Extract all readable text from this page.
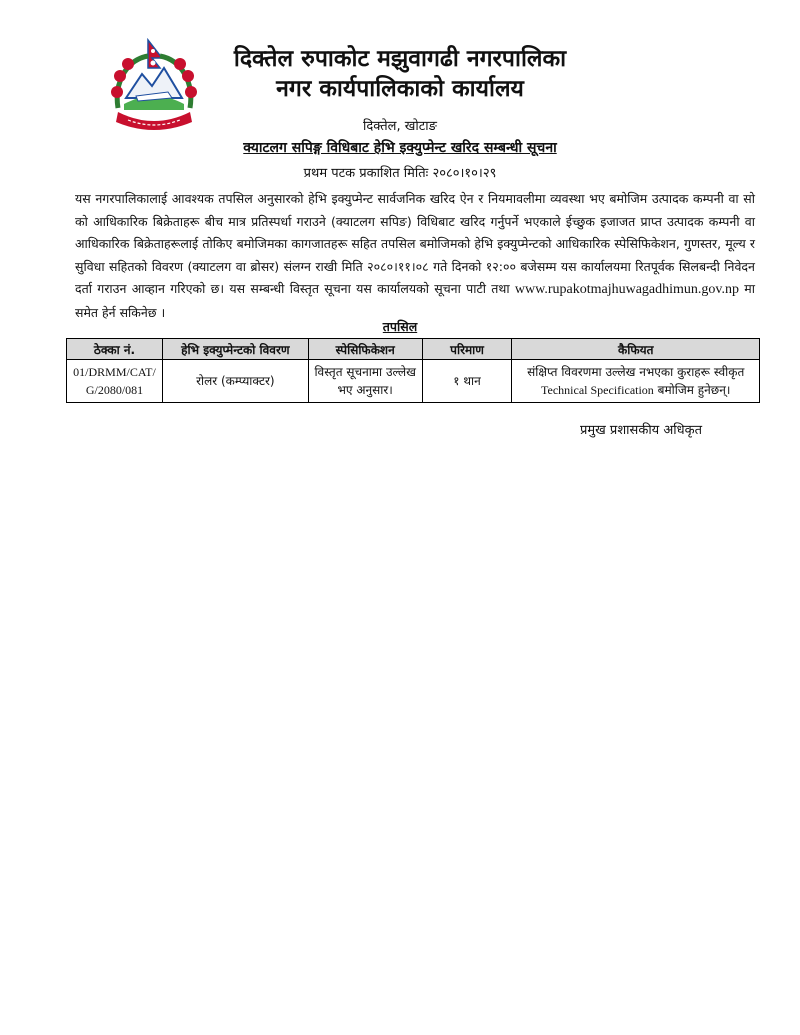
दिक्तेल रुपाकोट मझुवागढी नगरपालिका
नगर कार्यपालिकाको कार्यालय
दिक्तेल, खोटाङ
क्याटलग सपिङ्ग विधिबाट हेभि इक्युप्मेन्ट खरिद सम्बन्धी सूचना
प्रथम पटक प्रकाशित मितिः २०८०।१०।२९
यस नगरपालिकालाई आवश्यक तपसिल अनुसारको हेभि इक्युप्मेन्ट सार्वजनिक खरिद ऐन र नियमावलीमा व्यवस्था भए बमोजिम उत्पादक कम्पनी वा सो को आधिकारिक बिक्रेताहरू बीच मात्र प्रतिस्पर्धा गराउने (क्याटलग सपिङ) विधिबाट खरिद गर्नुपर्ने भएकाले ईच्छुक इजाजत प्राप्त उत्पादक कम्पनी वा आधिकारिक बिक्रेताहरूलाई तोकिए बमोजिमका कागजातहरू सहित तपसिल बमोजिमको हेभि इक्युप्मेन्टको आधिकारिक स्पेसिफिकेशन, गुणस्तर, मूल्य र सुविधा सहितको विवरण (क्याटलग वा ब्रोसर) संलग्न राखी मिति २०८०।११।०८ गते दिनको १२:०० बजेसम्म यस कार्यालयमा रितपूर्वक सिलबन्दी निवेदन दर्ता गराउन आव्हान गरिएको छ। यस सम्बन्धी विस्तृत सूचना यस कार्यालयको सूचना पाटी तथा www.rupakotmajhuwagadhimun.gov.np मा समेत हेर्न सकिनेछ ।
तपसिल
ठेक्का नं.	हेभि इक्युप्मेन्टको विवरण	स्पेसिफिकेशन	परिमाण	कैफियत
01/DRMM/CAT/ G/2080/081	रोलर (कम्प्याक्टर)	विस्तृत सूचनामा उल्लेख भए अनुसार।	१ थान	संक्षिप्त विवरणमा उल्लेख नभएका कुराहरू स्वीकृत
Technical Specification बमोजिम हुनेछन्।
प्रमुख प्रशासकीय अधिकृत
